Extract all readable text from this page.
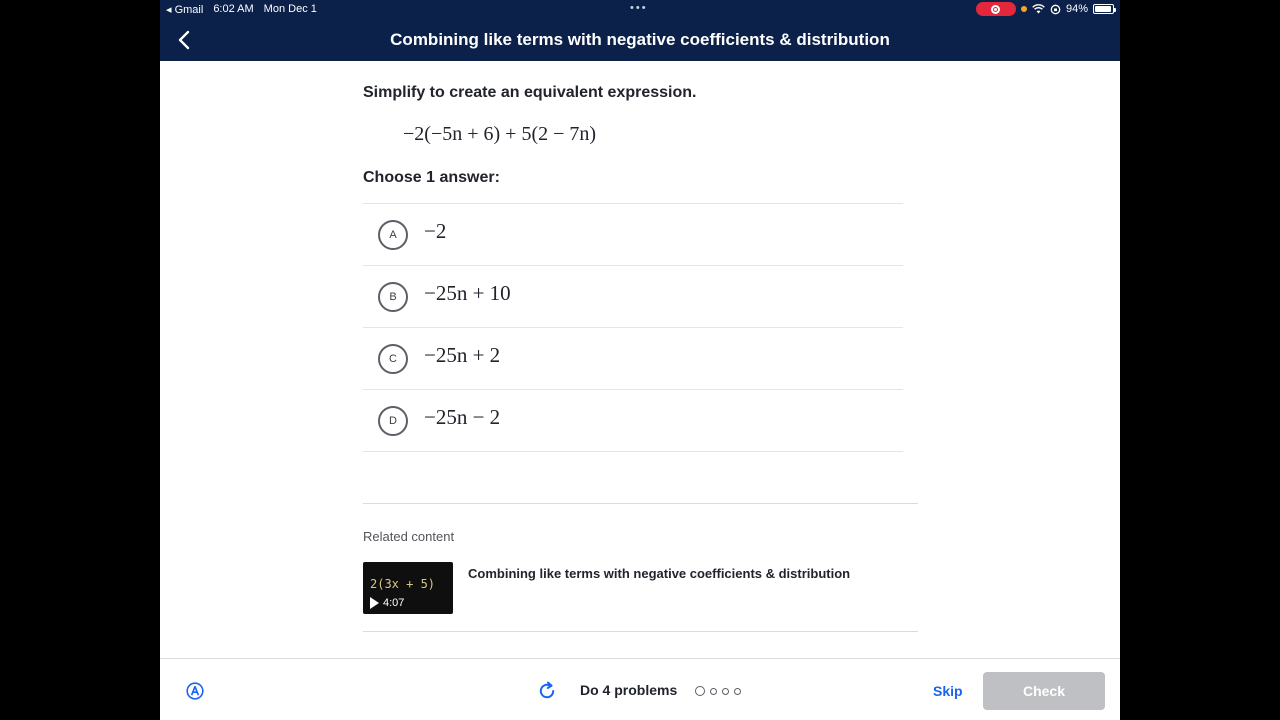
◂ Gmail 6:02 AM Mon Dec 1	•••	94%
Combining like terms with negative coefficients & distribution
Simplify to create an equivalent expression.
−2(−5n + 6) + 5(2 − 7n)
Choose 1 answer:
A	−2
B	−25n + 10
C	−25n + 2
D	−25n − 2
Related content
2(3x + 5)
4:07
Combining like terms with negative coefficients & distribution
Do 4 problems	Skip	Check
